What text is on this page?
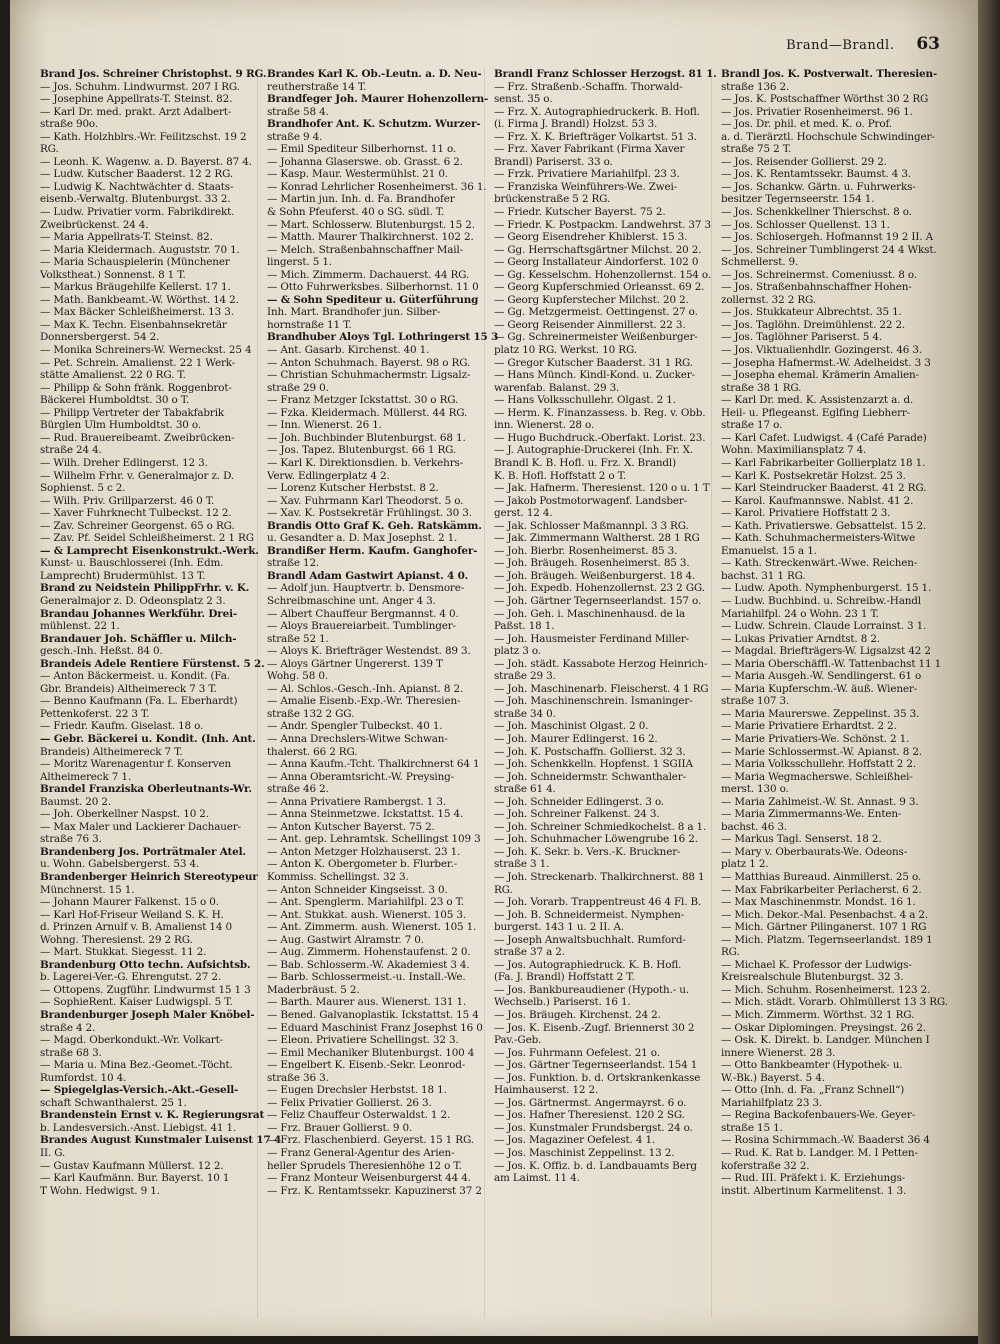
Brand—Brandl. 63
Brand Jos. Schreiner Christophst. 9 RG.
— Jos. Schuhm. Lindwurmst. 207 I RG.
— Josephine Appellrats-T. Steinst. 82.
— Karl Dr. med. prakt. Arzt Adalbert-
straße 90o.
— Kath. Holzhblrs.-Wr. Feilitzschst. 19 2
RG.
— Leonh. K. Wagenw. a. D. Bayerst. 87 4.
— Ludw. Kutscher Baaderst. 12 2 RG.
— Ludwig K. Nachtwächter d. Staats-
eisenb.-Verwaltg. Blutenburgst. 33 2.
— Ludw. Privatier vorm. Fabrikdirekt.
Zweibrückenst. 24 4.
— Maria Appellrats-T. Steinst. 82.
— Maria Kleidermach. Auguststr. 70 1.
— Maria Schauspielerin (Münchener
Volkstheat.) Sonnenst. 8 1 T.
— Markus Bräugehilfe Kellerst. 17 1.
— Math. Bankbeamt.-W. Wörthst. 14 2.
— Max Bäcker Schleißheimerst. 13 3.
— Max K. Techn. Eisenbahnsekretär
Donnersbergerst. 54 2.
— Monika Schreiners-W. Werneckst. 25 4
— Pet. Schrein. Amalienst. 22 1 Werk-
stätte Amalienst. 22 0 RG. T.
— Philipp & Sohn fränk. Roggenbrot-
Bäckerei Humboldtst. 30 o T.
— Philipp Vertreter der Tabakfabrik
Bürglen Ulm Humboldtst. 30 o.
— Rud. Brauereibeamt. Zweibrücken-
straße 24 4.
— Wilh. Dreher Edlingerst. 12 3.
— Wilhelm Frhr. v. Generalmajor z. D.
Sophienst. 5 c 2.
— Wilh. Priv. Grillparzerst. 46 0 T.
— Xaver Fuhrknecht Tulbeckst. 12 2.
— Zav. Schreiner Georgenst. 65 o RG.
— Zav. Pf. Seidel Schleißheimerst. 2 1 RG
— & Lamprecht Eisenkonstrukt.-Werk.
Kunst- u. Bauschlosserei (Inh. Edm.
Lamprecht) Brudermühlst. 13 T.
Brand zu Neidstein PhilippFrhr. v. K.
Generalmajor z. D. Odeonsplatz 2 3.
Brandau Johannes Werkführ. Drei-
mühlenst. 22 1.
Brandauer Joh. Schäffler u. Milch-
gesch.-Inh. Heßst. 84 0.
Brandeis Adele Rentiere Fürstenst. 5 2.
— Anton Bäckermeist. u. Kondit. (Fa.
Gbr. Brandeis) Altheimereck 7 3 T.
— Benno Kaufmann (Fa. L. Eberhardt)
Pettenkoferst. 22 3 T.
— Friedr. Kaufm. Giselast. 18 o.
— Gebr. Bäckerei u. Kondit. (Inh. Ant.
Brandeis) Altheimereck 7 T.
— Moritz Warenagentur f. Konserven
Altheimereck 7 1.
Brandel Franziska Oberleutnants-Wr.
Baumst. 20 2.
— Joh. Oberkellner Naspst. 10 2.
— Max Maler und Lackierer Dachauer-
straße 76 3.
Brandenberg Jos. Porträtmaler Atel.
u. Wohn. Gabelsbergerst. 53 4.
Brandenberger Heinrich Stereotypeur
Münchnerst. 15 1.
— Johann Maurer Falkenst. 15 o 0.
— Karl Hof-Friseur Weiland S. K. H.
d. Prinzen Arnulf v. B. Amalienst 14 0
Wohng. Theresienst. 29 2 RG.
— Mart. Stukkat. Siegesst. 11 2.
Brandenburg Otto techn. Aufsichtsb.
b. Lagerei-Ver.-G. Ehrengutst. 27 2.
— Ottopens. Zugführ. Lindwurmst 15 1 3
— SophieRent. Kaiser Ludwigspl. 5 T.
Brandenburger Joseph Maler Knöbel-
straße 4 2.
— Magd. Oberkondukt.-Wr. Volkart-
straße 68 3.
— Maria u. Mina Bez.-Geomet.-Töcht.
Rumfordst. 10 4.
— Spiegelglas-Versich.-Akt.-Gesell-
schaft Schwanthalerst. 25 1.
Brandenstein Ernst v. K. Regierungsrat
b. Landesversich.-Anst. Liebigst. 41 1.
Brandes August Kunstmaler Luisenst 17 4
II. G.
— Gustav Kaufmann Müllerst. 12 2.
— Karl Kaufmänn. Bur. Bayerst. 10 1
T Wohn. Hedwigst. 9 1.
Brandes Karl K. Ob.-Leutn. a. D. Neu-
reutherstraße 14 T.
Brandfeger Joh. Maurer Hohenzollern-
straße 58 4.
Brandhofer Ant. K. Schutzm. Wurzer-
straße 9 4.
— Emil Spediteur Silberhornst. 11 o.
— Johanna Glaserswe. ob. Grasst. 6 2.
— Kasp. Maur. Westermühlst. 21 0.
— Konrad Lehrlicher Rosenheimerst. 36 1.
— Martin jun. Inh. d. Fa. Brandhofer
& Sohn Pfeuferst. 40 o SG. südl. T.
— Mart. Schlosserw. Blutenburgst. 15 2.
— Matth. Maurer Thalkirchnerst. 102 2.
— Melch. Straßenbahnschaffner Mail-
lingerst. 5 1.
— Mich. Zimmerm. Dachauerst. 44 RG.
— Otto Fuhrwerksbes. Silberhornst. 11 0
— & Sohn Spediteur u. Güterführung
Inh. Mart. Brandhofer jun. Silber-
hornstraße 11 T.
Brandhuber Aloys Tgl. Lothringerst 15 3
— Ant. Gasarb. Kirchenst. 40 1.
— Anton Schuhmach. Bayerst. 98 o RG.
— Christian Schuhmachermstr. Ligsalz-
straße 29 0.
— Franz Metzger Ickstattst. 30 o RG.
— Fzka. Kleidermach. Müllerst. 44 RG.
— Inn. Wienerst. 26 1.
— Joh. Buchbinder Blutenburgst. 68 1.
— Jos. Tapez. Blutenburgst. 66 1 RG.
— Karl K. Direktionsdien. b. Verkehrs-
Verw. Edlingerplatz 4 2.
— Lorenz Kutscher Herbstst. 8 2.
— Xav. Fuhrmann Karl Theodorst. 5 o.
— Xav. K. Postsekretär Frühlingst. 30 3.
Brandis Otto Graf K. Geh. Ratskämm.
u. Gesandter a. D. Max Josephst. 2 1.
Brandißer Herm. Kaufm. Ganghofer-
straße 12.
Brandl Adam Gastwirt Apianst. 4 0.
— Adolf jun. Hauptvertr. b. Densmore-
Schreibmaschine unt. Anger 4 3.
— Albert Chauffeur Bergmannst. 4 0.
— Aloys Brauereiarbeit. Tumblinger-
straße 52 1.
— Aloys K. Briefträger Westendst. 89 3.
— Aloys Gärtner Ungererst. 139 T
Wohg. 58 0.
— Al. Schlos.-Gesch.-Inh. Apianst. 8 2.
— Amalie Eisenb.-Exp.-Wr. Theresien-
straße 132 2 GG.
— Andr. Spengler Tulbeckst. 40 1.
— Anna Drechslers-Witwe Schwan-
thalerst. 66 2 RG.
— Anna Kaufm.-Tcht. Thalkirchnerst 64 1
— Anna Oberamtsricht.-W. Preysing-
straße 46 2.
— Anna Privatiere Rambergst. 1 3.
— Anna Steinmetzwe. Ickstattst. 15 4.
— Anton Kutscher Bayerst. 75 2.
— Ant. gep. Lehramtsk. Schellingst 109 3
— Anton Metzger Holzhauserst. 23 1.
— Anton K. Obergometer b. Flurber.-
Kommiss. Schellingst. 32 3.
— Anton Schneider Kingseisst. 3 0.
— Ant. Spenglerm. Mariahilfpl. 23 o T.
— Ant. Stukkat. aush. Wienerst. 105 3.
— Ant. Zimmerm. aush. Wienerst. 105 1.
— Aug. Gastwirt Alramstr. 7 0.
— Aug. Zimmerm. Hohenstaufenst. 2 0.
— Bab. Schlosserm.-W. Akademiest 3 4.
— Barb. Schlossermeist.-u. Install.-We.
Maderbräust. 5 2.
— Barth. Maurer aus. Wienerst. 131 1.
— Bened. Galvanoplastik. Ickstattst. 15 4
— Eduard Maschinist Franz Josephst 16 0
— Eleon. Privatiere Schellingst. 32 3.
— Emil Mechaniker Blutenburgst. 100 4
— Engelbert K. Eisenb.-Sekr. Leonrod-
straße 36 3.
— Eugen Drechsler Herbstst. 18 1.
— Felix Privatier Gollierst. 26 3.
— Feliz Chauffeur Osterwaldst. 1 2.
— Frz. Brauer Gollierst. 9 0.
— Frz. Flaschenbierd. Geyerst. 15 1 RG.
— Franz General-Agentur des Arien-
heller Sprudels Theresienhöhe 12 o T.
— Franz Monteur Weisenburgerst 44 4.
— Frz. K. Rentamtssekr. Kapuzinerst 37 2
Brandl Franz Schlosser Herzogst. 81 1.
— Frz. Straßenb.-Schaffn. Thorwald-
senst. 35 o.
— Frz. X. Autographiedruckerk. B. Hofl.
(i. Firma J. Brandl) Holzst. 53 3.
— Frz. X. K. Briefträger Volkartst. 51 3.
— Frz. Xaver Fabrikant (Firma Xaver
Brandl) Pariserst. 33 o.
— Frzk. Privatiere Mariahilfpl. 23 3.
— Franziska Weinführers-We. Zwei-
brückenstraße 5 2 RG.
— Friedr. Kutscher Bayerst. 75 2.
— Friedr. K. Postpackm. Landwehrst. 37 3
— Georg Eisendreher Khiblerst. 15 3.
— Gg. Herrschaftsgärtner Milchst. 20 2.
— Georg Installateur Aindorferst. 102 0
— Gg. Kesselschm. Hohenzollernst. 154 o.
— Georg Kupferschmied Orleansst. 69 2.
— Georg Kupferstecher Milchst. 20 2.
— Gg. Metzgermeist. Oettingenst. 27 o.
— Georg Reisender Ainmillerst. 22 3.
— Gg. Schreinermeister Weißenburger-
platz 10 RG. Werkst. 10 RG.
— Gregor Kutscher Baaderst. 31 1 RG.
— Hans Münch. Kindl-Kond. u. Zucker-
warenfab. Balanst. 29 3.
— Hans Volksschullehr. Olgast. 2 1.
— Herm. K. Finanzassess. b. Reg. v. Obb.
inn. Wienerst. 28 o.
— Hugo Buchdruck.-Oberfakt. Lorist. 23.
— J. Autographie-Druckerei (Inh. Fr. X.
Brandl K. B. Hofl. u. Frz. X. Brandl)
K. B. Hofl. Hoffstatt 2 o T.
— Jak. Hafnerm. Theresienst. 120 o u. 1 T
— Jakob Postmotorwagenf. Landsber-
gerst. 12 4.
— Jak. Schlosser Maßmannpl. 3 3 RG.
— Jak. Zimmermann Waltherst. 28 1 RG
— Joh. Bierbr. Rosenheimerst. 85 3.
— Joh. Bräugeh. Rosenheimerst. 85 3.
— Joh. Bräugeh. Weißenburgerst. 18 4.
— Joh. Expedb. Hohenzollernst. 23 2 GG.
— Joh. Gärtner Tegernseerlandst. 157 o.
— Joh. Geh. i. Maschinenhausd. de la
Paßst. 18 1.
— Joh. Hausmeister Ferdinand Miller-
platz 3 o.
— Joh. städt. Kassabote Herzog Heinrich-
straße 29 3.
— Joh. Maschinenarb. Fleischerst. 4 1 RG
— Joh. Maschinenschrein. Ismaninger-
straße 34 0.
— Joh. Maschinist Olgast. 2 0.
— Joh. Maurer Edlingerst. 16 2.
— Joh. K. Postschaffn. Gollierst. 32 3.
— Joh. Schenkkelln. Hopfenst. 1 SGIIA
— Joh. Schneidermstr. Schwanthaler-
straße 61 4.
— Joh. Schneider Edlingerst. 3 o.
— Joh. Schreiner Falkenst. 24 3.
— Joh. Schreiner Schmiedkochelst. 8 a 1.
— Joh. Schuhmacher Löwengrube 16 2.
— Joh. K. Sekr. b. Vers.-K. Bruckner-
straße 3 1.
— Joh. Streckenarb. Thalkirchnerst. 88 1
RG.
— Joh. Vorarb. Trappentreust 46 4 Fl. B.
— Joh. B. Schneidermeist. Nymphen-
burgerst. 143 1 u. 2 II. A.
— Joseph Anwaltsbuchhalt. Rumford-
straße 37 a 2.
— Jos. Autographiedruck. K. B. Hofl.
(Fa. J. Brandl) Hoffstatt 2 T.
— Jos. Bankbureaudiener (Hypoth.- u.
Wechselb.) Pariserst. 16 1.
— Jos. Bräugeh. Kirchenst. 24 2.
— Jos. K. Eisenb.-Zugf. Briennerst 30 2
Pav.-Geb.
— Jos. Fuhrmann Oefelest. 21 o.
— Jos. Gärtner Tegernseerlandst. 154 1
— Jos. Funktion. b. d. Ortskrankenkasse
Haimhauserst. 12 2.
— Jos. Gärtnermst. Angermayrst. 6 o.
— Jos. Hafner Theresienst. 120 2 SG.
— Jos. Kunstmaler Frundsbergst. 24 o.
— Jos. Magaziner Oefelest. 4 1.
— Jos. Maschinist Zeppelinst. 13 2.
— Jos. K. Offiz. b. d. Landbauamts Berg
am Laimst. 11 4.
Brandl Jos. K. Postverwalt. Theresien-
straße 136 2.
— Jos. K. Postschaffner Wörthst 30 2 RG
— Jos. Privatier Rosenheimerst. 96 1.
— Jos. Dr. phil. et med. K. o. Prof.
a. d. Tierärztl. Hochschule Schwindinger-
straße 75 2 T.
— Jos. Reisender Gollierst. 29 2.
— Jos. K. Rentamtssekr. Baumst. 4 3.
— Jos. Schankw. Gärtn. u. Fuhrwerks-
besitzer Tegernseerstr. 154 1.
— Jos. Schenkkellner Thierschst. 8 o.
— Jos. Schlosser Quellenst. 13 1.
— Jos. Schlosergeh. Hofmannst 19 2 II. A
— Jos. Schreiner Tumblingerst 24 4 Wkst.
Schmellerst. 9.
— Jos. Schreinermst. Comeniusst. 8 o.
— Jos. Straßenbahnschaffner Hohen-
zollernst. 32 2 RG.
— Jos. Stukkateur Albrechtst. 35 1.
— Jos. Taglöhn. Dreimühlenst. 22 2.
— Jos. Taglöhner Pariserst. 5 4.
— Jos. Viktualienhdlr. Gozingerst. 46 3.
— Josepha Hafnermst.-W. Adelheidst. 3 3
— Josepha ehemal. Krämerin Amalien-
straße 38 1 RG.
— Karl Dr. med. K. Assistenzarzt a. d.
Heil- u. Pflegeanst. Eglfing Liebherr-
straße 17 o.
— Karl Cafet. Ludwigst. 4 (Café Parade)
Wohn. Maximiliansplatz 7 4.
— Karl Fabrikarbeiter Gollierplatz 18 1.
— Karl K. Postsekretär Holzst. 25 3.
— Karl Steindrucker Baaderst. 41 2 RG.
— Karol. Kaufmannswe. Nablst. 41 2.
— Karol. Privatiere Hoffstatt 2 3.
— Kath. Privatierswe. Gebsattelst. 15 2.
— Kath. Schuhmachermeisters-Witwe
Emanuelst. 15 a 1.
— Kath. Streckenwärt.-Wwe. Reichen-
bachst. 31 1 RG.
— Ludw. Apoth. Nymphenburgerst. 15 1.
— Ludw. Buchbind. u. Schreibw.-Handl
Mariahilfpl. 24 o Wohn. 23 1 T.
— Ludw. Schrein. Claude Lorrainst. 3 1.
— Lukas Privatier Arndtst. 8 2.
— Magdal. Briefträgers-W. Ligsalzst 42 2
— Maria Oberschäffl.-W. Tattenbachst 11 1
— Maria Ausgeh.-W. Sendlingerst. 61 o
— Maria Kupferschm.-W. äuß. Wiener-
straße 107 3.
— Maria Maurerswe. Zeppelinst. 35 3.
— Marie Privatiere Erhardtst. 2 2.
— Marie Privatiers-We. Schönst. 2 1.
— Marie Schlossermst.-W. Apianst. 8 2.
— Maria Volksschullehr. Hoffstatt 2 2.
— Maria Wegmacherswe. Schleißhei-
merst. 130 o.
— Maria Zahlmeist.-W. St. Annast. 9 3.
— Maria Zimmermanns-We. Enten-
bachst. 46 3.
— Markus Tagl. Senserst. 18 2.
— Mary v. Oberbaurats-We. Odeons-
platz 1 2.
— Matthias Bureaud. Ainmillerst. 25 o.
— Max Fabrikarbeiter Perlacherst. 6 2.
— Max Maschinenmstr. Mondst. 16 1.
— Mich. Dekor.-Mal. Pesenbachst. 4 a 2.
— Mich. Gärtner Pilinganerst. 107 1 RG
— Mich. Platzm. Tegernseerlandst. 189 1
RG.
— Michael K. Professor der Ludwigs-
Kreisrealschule Blutenburgst. 32 3.
— Mich. Schuhm. Rosenheimerst. 123 2.
— Mich. städt. Vorarb. Ohlmüllerst 13 3 RG.
— Mich. Zimmerm. Wörthst. 32 1 RG.
— Oskar Diplomingen. Preysingst. 26 2.
— Osk. K. Direkt. b. Landger. München I
innere Wienerst. 28 3.
— Otto Bankbeamter (Hypothek- u.
W.-Bk.) Bayerst. 5 4.
— Otto (Inh. d. Fa. „Franz Schnell“)
Mariahilfplatz 23 3.
— Regina Backofenbauers-We. Geyer-
straße 15 1.
— Rosina Schirmmach.-W. Baaderst 36 4
— Rud. K. Rat b. Landger. M. I Petten-
koferstraße 32 2.
— Rud. III. Präfekt i. K. Erziehungs-
instit. Albertinum Karmelitenst. 1 3.
